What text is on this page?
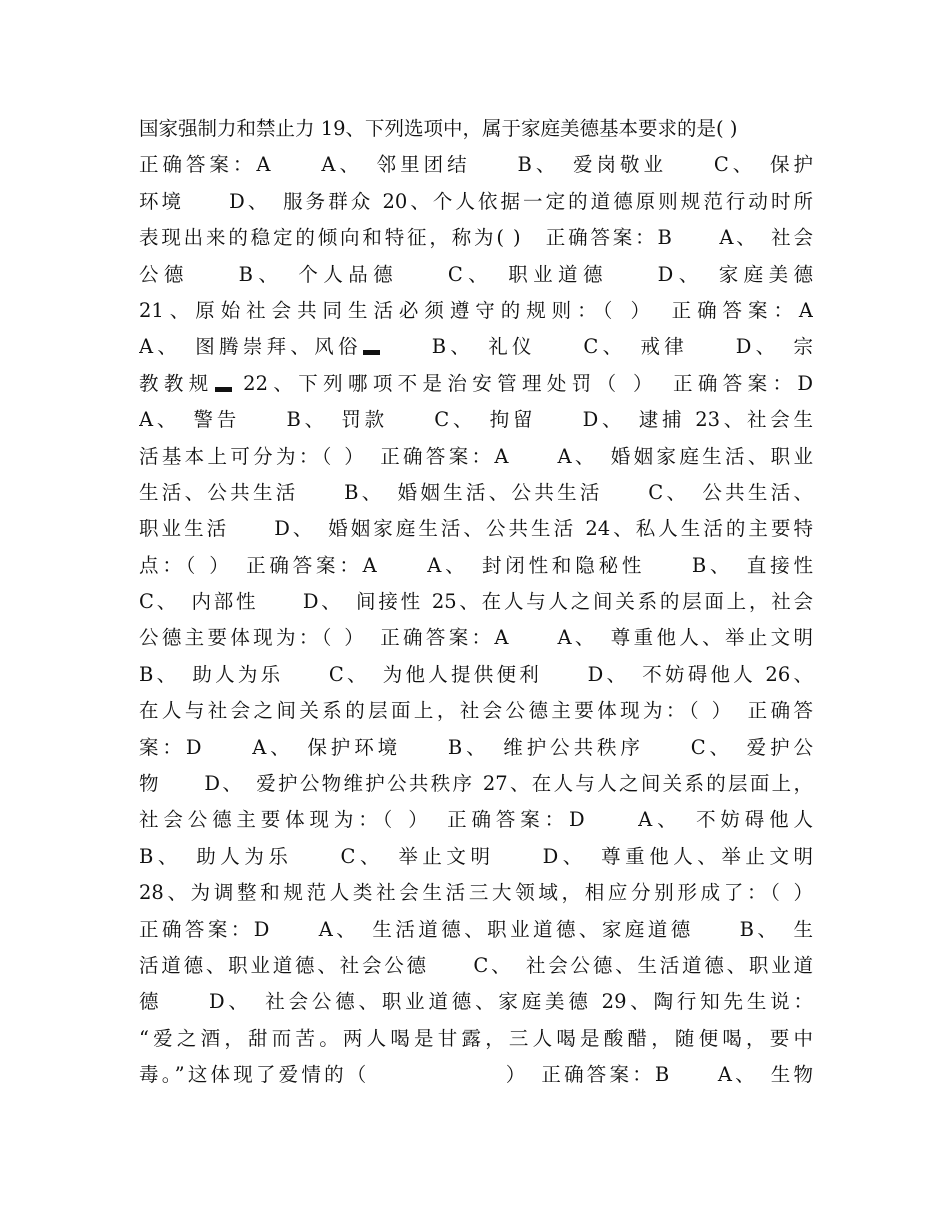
国家强制力和禁止力 19、下列选项中，属于家庭美德基本要求的是( )
正确答案：A　　A、　邻里团结　　B、　爱岗敬业　　C、　保护
环境　　D、　服务群众 20、个人依据一定的道德原则规范行动时所
表现出来的稳定的倾向和特征，称为( )　正确答案：B　　A、　社会
公德　　B、　个人品德　　C、　职业道德　　D、　家庭美德
21、原始社会共同生活必须遵守的规则：（ ）　正确答案：A
A、　图腾崇拜、风俗　　B、　礼仪　　C、　戒律　　D、　宗
教教规 22、下列哪项不是治安管理处罚（ ）　正确答案：D
A、　警告　　B、　罚款　　C、　拘留　　D、　逮捕 23、社会生
活基本上可分为：（ ）　正确答案：A　　A、　婚姻家庭生活、职业
生活、公共生活　　B、　婚姻生活、公共生活　　C、　公共生活、
职业生活　　D、　婚姻家庭生活、公共生活 24、私人生活的主要特
点：（ ）　正确答案：A　　A、　封闭性和隐秘性　　B、　直接性
C、　内部性　　D、　间接性 25、在人与人之间关系的层面上，社会
公德主要体现为：（ ）　正确答案：A　　A、　尊重他人、举止文明
B、　助人为乐　　C、　为他人提供便利　　D、　不妨碍他人 26、
在人与社会之间关系的层面上，社会公德主要体现为：（ ）　正确答
案：D　　A、　保护环境　　B、　维护公共秩序　　C、　爱护公
物　　D、　爱护公物维护公共秩序 27、在人与人之间关系的层面上，
社会公德主要体现为：（ ）　正确答案：D　　A、　不妨碍他人
B、　助人为乐　　C、　举止文明　　D、　尊重他人、举止文明
28、为调整和规范人类社会生活三大领域，相应分别形成了：（ ）
正确答案：D　　A、　生活道德、职业道德、家庭道德　　B、　生
活道德、职业道德、社会公德　　C、　社会公德、生活道德、职业道
德　　D、　社会公德、职业道德、家庭美德 29、陶行知先生说：
“爱之酒，甜而苦。两人喝是甘露，三人喝是酸醋，随便喝，要中
毒。”这体现了爱情的（　　　　　　）　正确答案：B　　A、　生物
